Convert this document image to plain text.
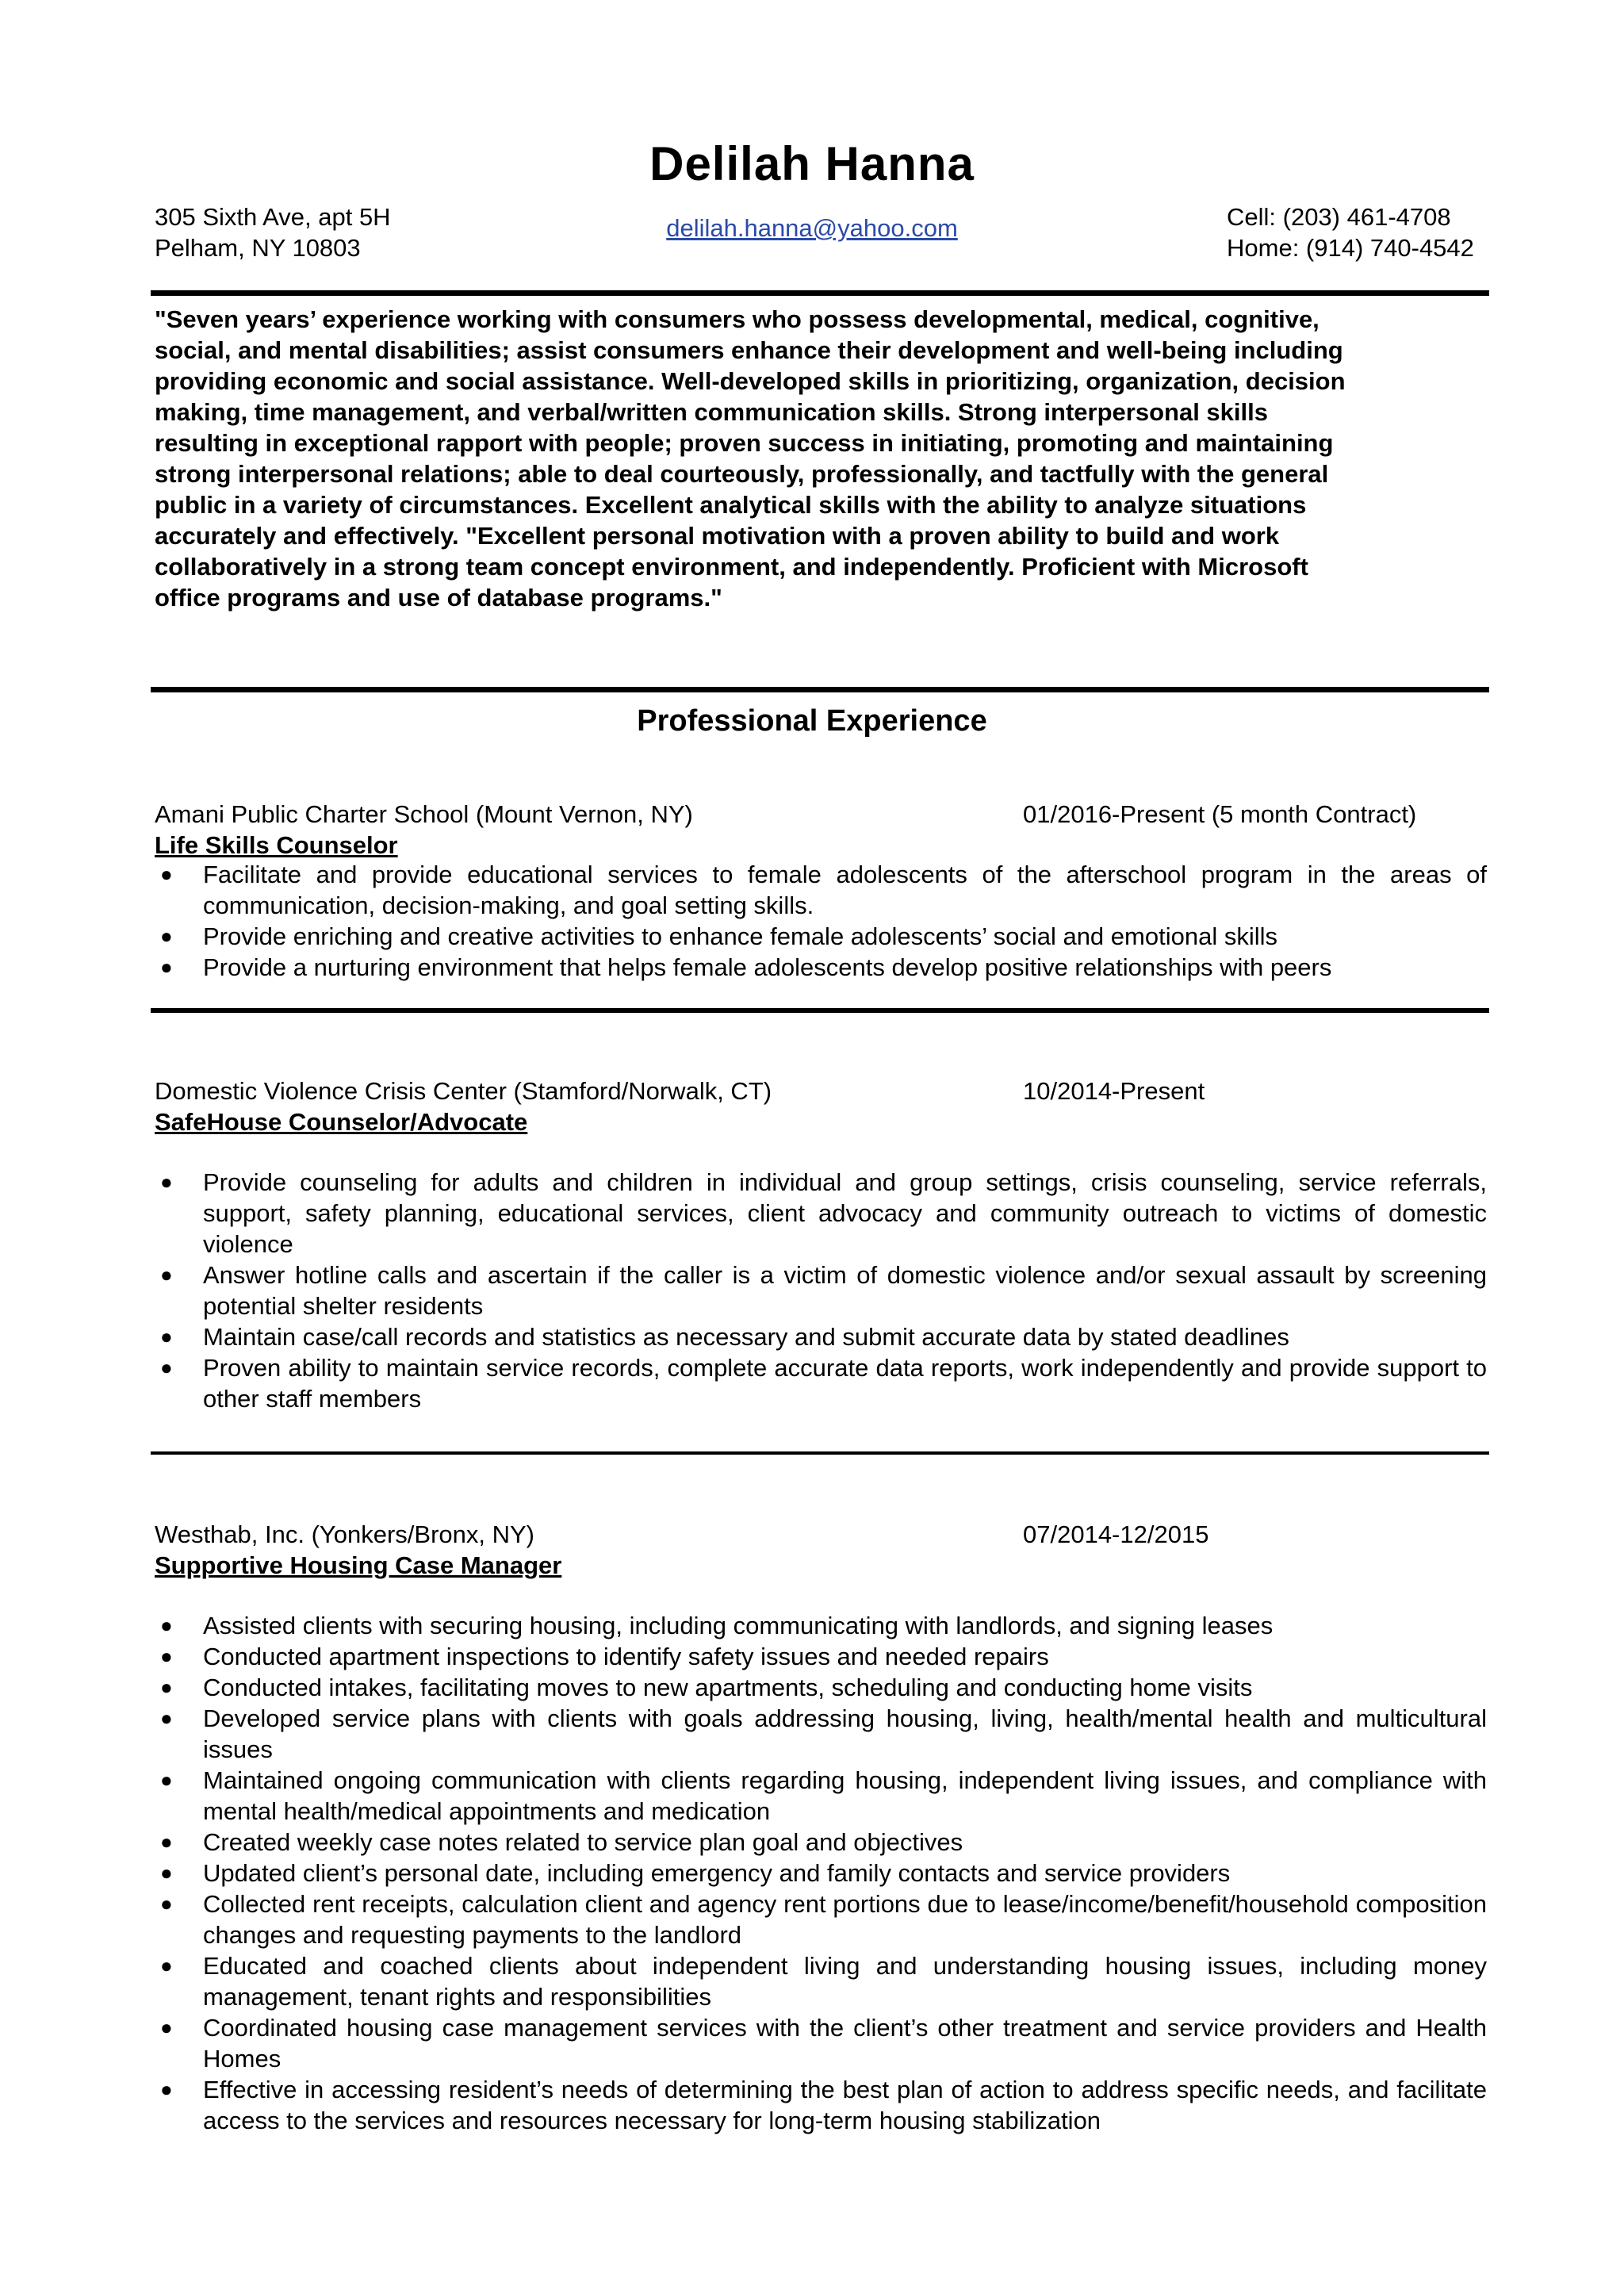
Delilah Hanna
305 Sixth Ave, apt 5H
Pelham, NY 10803
delilah.hanna@yahoo.com	Cell: (203) 461-4708
Home: (914) 740-4542
"Seven years’ experience working with consumers who possess developmental, medical, cognitive,
social, and mental disabilities; assist consumers enhance their development and well-being including
providing economic and social assistance. Well-developed skills in prioritizing, organization, decision
making, time management, and verbal/written communication skills. Strong interpersonal skills
resulting in exceptional rapport with people; proven success in initiating, promoting and maintaining
strong interpersonal relations; able to deal courteously, professionally, and tactfully with the general
public in a variety of circumstances. Excellent analytical skills with the ability to analyze situations
accurately and effectively. "Excellent personal motivation with a proven ability to build and work
collaboratively in a strong team concept environment, and independently. Proficient with Microsoft
office programs and use of database programs."
Professional Experience
Amani Public Charter School (Mount Vernon, NY)	01/2016-Present (5 month Contract)
Life Skills Counselor
● Facilitate and provide educational services to female adolescents of the afterschool program in the areas of communication, decision-making, and goal setting skills.
● Provide enriching and creative activities to enhance female adolescents’ social and emotional skills
● Provide a nurturing environment that helps female adolescents develop positive relationships with peers
Domestic Violence Crisis Center (Stamford/Norwalk, CT)	10/2014-Present
SafeHouse Counselor/Advocate
● Provide counseling for adults and children in individual and group settings, crisis counseling, service referrals, support, safety planning, educational services, client advocacy and community outreach to victims of domestic violence
● Answer hotline calls and ascertain if the caller is a victim of domestic violence and/or sexual assault by screening potential shelter residents
● Maintain case/call records and statistics as necessary and submit accurate data by stated deadlines
● Proven ability to maintain service records, complete accurate data reports, work independently and provide support to other staff members
Westhab, Inc. (Yonkers/Bronx, NY)	07/2014-12/2015
Supportive Housing Case Manager
● Assisted clients with securing housing, including communicating with landlords, and signing leases
● Conducted apartment inspections to identify safety issues and needed repairs
● Conducted intakes, facilitating moves to new apartments, scheduling and conducting home visits
● Developed service plans with clients with goals addressing housing, living, health/mental health and multicultural issues
● Maintained ongoing communication with clients regarding housing, independent living issues, and compliance with mental health/medical appointments and medication
● Created weekly case notes related to service plan goal and objectives
● Updated client’s personal date, including emergency and family contacts and service providers
● Collected rent receipts, calculation client and agency rent portions due to lease/income/benefit/household composition changes and requesting payments to the landlord
● Educated and coached clients about independent living and understanding housing issues, including money management, tenant rights and responsibilities
● Coordinated housing case management services with the client’s other treatment and service providers and Health Homes
● Effective in accessing resident’s needs of determining the best plan of action to address specific needs, and facilitate access to the services and resources necessary for long-term housing stabilization
